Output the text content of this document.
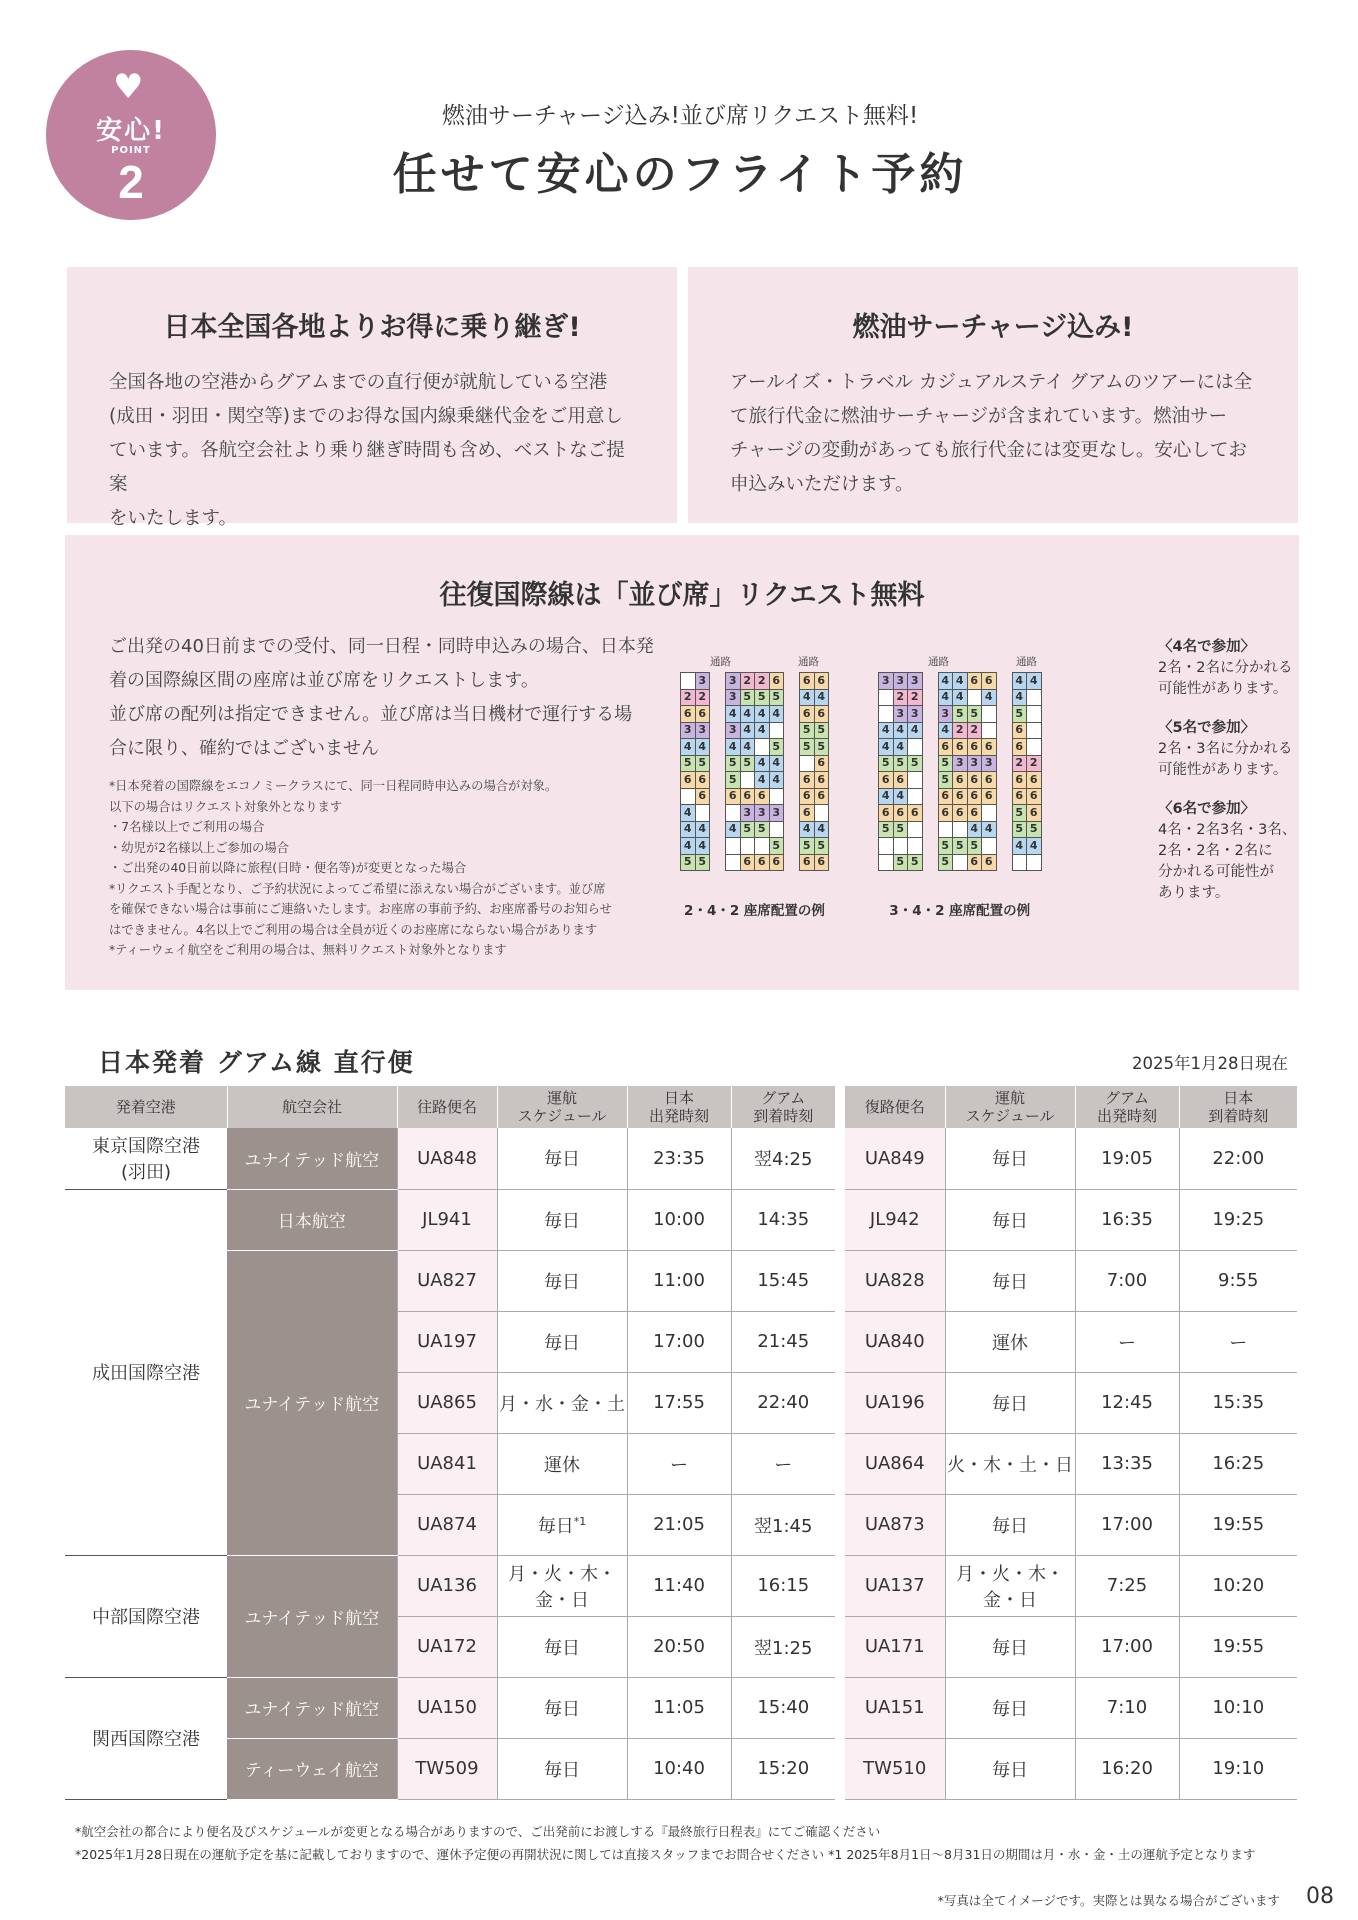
♥
安心!
POINT
2
燃油サーチャージ込み!並び席リクエスト無料!
任せて安心のフライト予約
日本全国各地よりお得に乗り継ぎ!

全国各地の空港からグアムまでの直行便が就航している空港
(成田・羽田・関空等)までのお得な国内線乗継代金をご用意し
ています。各航空会社より乗り継ぎ時間も含め、ベストなご提案
をいたします。

燃油サーチャージ込み!

アールイズ・トラベル カジュアルステイ グアムのツアーには全
て旅行代金に燃油サーチャージが含まれています。燃油サー
チャージの変動があっても旅行代金には変更なし。安心してお
申込みいただけます。

往復国際線は「並び席」リクエスト無料

ご出発の40日前までの受付、同一日程・同時申込みの場合、日本発
着の国際線区間の座席は並び席をリクエストします。
並び席の配列は指定できません。並び席は当日機材で運行する場
合に限り、確約ではございません

*日本発着の国際線をエコノミークラスにて、同一日程同時申込みの場合が対象。
以下の場合はリクエスト対象外となります
・7名様以上でご利用の場合
・幼児が2名様以上ご参加の場合
・ご出発の40日前以降に旅程(日時・便名等)が変更となった場合
*リクエスト手配となり、ご予約状況によってご希望に添えない場合がございます。並び席
を確保できない場合は事前にご連絡いたします。お座席の事前予約、お座席番号のお知らせ
はできません。4名以上でご利用の場合は全員が近くのお座席にならない場合があります
*ティーウェイ航空をご利用の場合は、無料リクエスト対象外となります
通路	通路
	3		3	2	2	6		6	6
2	2		3	5	5	5		4	4
6	6		4	4	4	4		6	6
3	3		3	4	4			5	5
4	4		4	4		5		5	5
5	5		5	5	4	4			6
6	6		5		4	4		6	6
	6		6	6	6			6	6
4				3	3	3		6	
4	4		4	5	5			4	4
4	4					5		5	5
5	5			6	6	6		6	6
2・4・2 座席配置の例
通路	通路
3	3	3		4	4	6	6		4	4
	2	2		4	4		4		4	
	3	3		3	5	5			5	
4	4	4		4	2	2			6	
4	4			6	6	6	6		6	
5	5	5		5	3	3	3		2	2
6	6			5	6	6	6		6	6
4	4			6	6	6	6		6	6
6	6	6		6	6	6			5	6
5	5					4	4		5	5
				5	5	5			4	4
	5	5		5		6	6			
3・4・2 座席配置の例
〈4名で参加〉
2名・2名に分かれる
可能性があります。
〈5名で参加〉
2名・3名に分かれる
可能性があります。
〈6名で参加〉
4名・2名3名・3名、
2名・2名・2名に
分かれる可能性が
あります。
日本発着 グアム線 直行便	2025年1月28日現在
発着空港	航空会社	往路便名	運航
スケジュール	日本
出発時刻	グアム
到着時刻		復路便名	運航
スケジュール	グアム
出発時刻	日本
到着時刻
東京国際空港
(羽田)	ユナイテッド航空	UA848	毎日	23:35	翌4:25		UA849	毎日	19:05	22:00
成田国際空港	日本航空	JL941	毎日	10:00	14:35		JL942	毎日	16:35	19:25
	ユナイテッド航空	UA827	毎日	11:00	15:45		UA828	毎日	7:00	9:55
		UA197	毎日	17:00	21:45		UA840	運休	ー	ー
		UA865	月・水・金・土	17:55	22:40		UA196	毎日	12:45	15:35
		UA841	運休	ー	ー		UA864	火・木・土・日	13:35	16:25
		UA874	毎日$^{*1}$	21:05	翌1:45		UA873	毎日	17:00	19:55
中部国際空港	ユナイテッド航空	UA136	月・火・木・金・日	11:40	16:15		UA137	月・火・木・金・日	7:25	10:20
		UA172	毎日	20:50	翌1:25		UA171	毎日	17:00	19:55
関西国際空港	ユナイテッド航空	UA150	毎日	11:05	15:40		UA151	毎日	7:10	10:10
	ティーウェイ航空	TW509	毎日	10:40	15:20		TW510	毎日	16:20	19:10
*航空会社の都合により便名及びスケジュールが変更となる場合がありますので、ご出発前にお渡しする『最終旅行日程表』にてご確認ください
*2025年1月28日現在の運航予定を基に記載しておりますので、運休予定便の再開状況に関しては直接スタッフまでお問合せください *1 2025年8月1日〜8月31日の期間は月・水・金・土の運航予定となります
*写真は全てイメージです。実際とは異なる場合がございます 08
